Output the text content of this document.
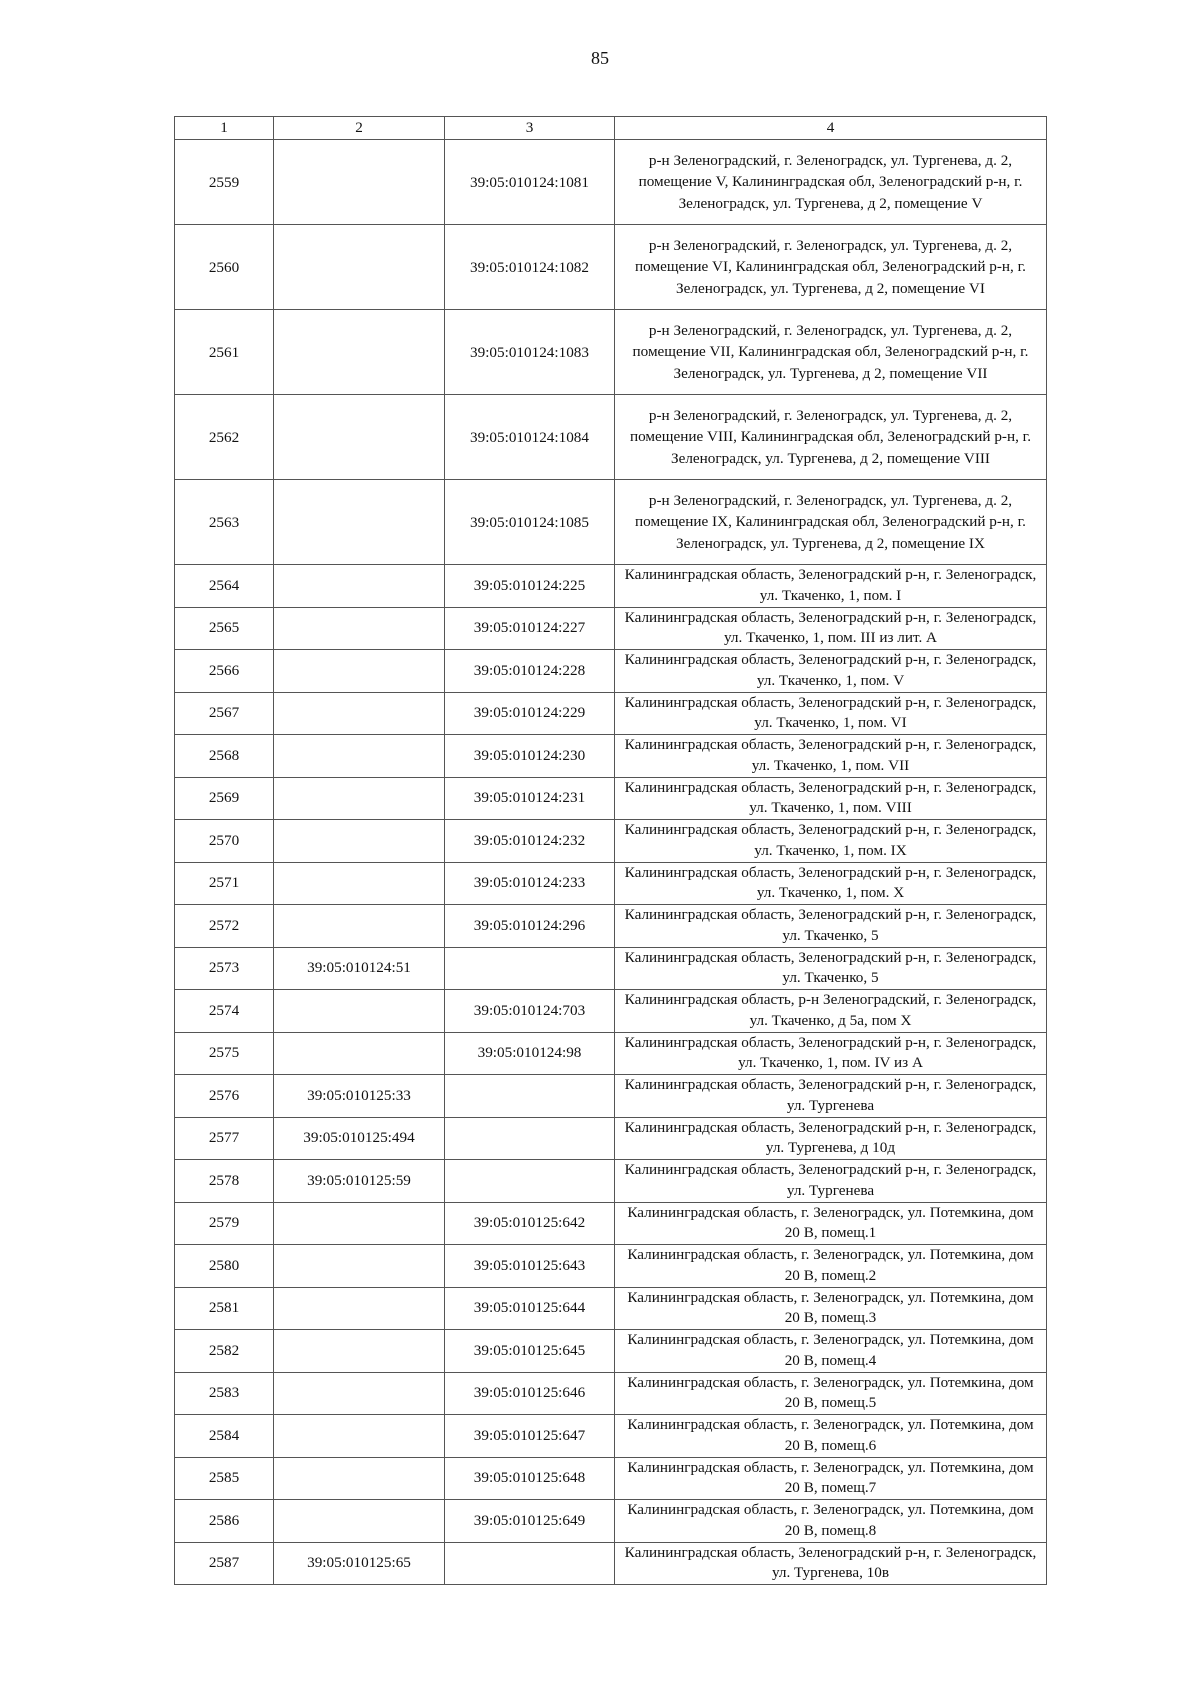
85
1	2	3	4
2559		39:05:010124:1081	р-н Зеленоградский, г. Зеленоградск, ул. Тургенева, д. 2, помещение V, Калининградская обл, Зеленоградский р-н, г. Зеленоградск, ул. Тургенева, д 2, помещение V
2560		39:05:010124:1082	р-н Зеленоградский, г. Зеленоградск, ул. Тургенева, д. 2, помещение VI, Калининградская обл, Зеленоградский р-н, г. Зеленоградск, ул. Тургенева, д 2, помещение VI
2561		39:05:010124:1083	р-н Зеленоградский, г. Зеленоградск, ул. Тургенева, д. 2, помещение VII, Калининградская обл, Зеленоградский р-н, г. Зеленоградск, ул. Тургенева, д 2, помещение VII
2562		39:05:010124:1084	р-н Зеленоградский, г. Зеленоградск, ул. Тургенева, д. 2, помещение VIII, Калининградская обл, Зеленоградский р-н, г. Зеленоградск, ул. Тургенева, д 2, помещение VIII
2563		39:05:010124:1085	р-н Зеленоградский, г. Зеленоградск, ул. Тургенева, д. 2, помещение IX, Калининградская обл, Зеленоградский р-н, г. Зеленоградск, ул. Тургенева, д 2, помещение IX
2564		39:05:010124:225	Калининградская область, Зеленоградский р-н, г. Зеленоградск, ул. Ткаченко, 1, пом. I
2565		39:05:010124:227	Калининградская область, Зеленоградский р-н, г. Зеленоградск, ул. Ткаченко, 1, пом. III из лит. А
2566		39:05:010124:228	Калининградская область, Зеленоградский р-н, г. Зеленоградск, ул. Ткаченко, 1, пом. V
2567		39:05:010124:229	Калининградская область, Зеленоградский р-н, г. Зеленоградск, ул. Ткаченко, 1, пом. VI
2568		39:05:010124:230	Калининградская область, Зеленоградский р-н, г. Зеленоградск, ул. Ткаченко, 1, пом. VII
2569		39:05:010124:231	Калининградская область, Зеленоградский р-н, г. Зеленоградск, ул. Ткаченко, 1, пом. VIII
2570		39:05:010124:232	Калининградская область, Зеленоградский р-н, г. Зеленоградск, ул. Ткаченко, 1, пом. IX
2571		39:05:010124:233	Калининградская область, Зеленоградский р-н, г. Зеленоградск, ул. Ткаченко, 1, пом. X
2572		39:05:010124:296	Калининградская область, Зеленоградский р-н, г. Зеленоградск, ул. Ткаченко, 5
2573	39:05:010124:51		Калининградская область, Зеленоградский р-н, г. Зеленоградск, ул. Ткаченко, 5
2574		39:05:010124:703	Калининградская область, р-н Зеленоградский, г. Зеленоградск, ул. Ткаченко, д 5а, пом X
2575		39:05:010124:98	Калининградская область, Зеленоградский р-н, г. Зеленоградск, ул. Ткаченко, 1, пом. IV из А
2576	39:05:010125:33		Калининградская область, Зеленоградский р-н, г. Зеленоградск, ул. Тургенева
2577	39:05:010125:494		Калининградская область, Зеленоградский р-н, г. Зеленоградск, ул. Тургенева, д 10д
2578	39:05:010125:59		Калининградская область, Зеленоградский р-н, г. Зеленоградск, ул. Тургенева
2579		39:05:010125:642	Калининградская область, г. Зеленоградск, ул. Потемкина, дом 20 В, помещ.1
2580		39:05:010125:643	Калининградская область, г. Зеленоградск, ул. Потемкина, дом 20 В, помещ.2
2581		39:05:010125:644	Калининградская область, г. Зеленоградск, ул. Потемкина, дом 20 В, помещ.3
2582		39:05:010125:645	Калининградская область, г. Зеленоградск, ул. Потемкина, дом 20 В, помещ.4
2583		39:05:010125:646	Калининградская область, г. Зеленоградск, ул. Потемкина, дом 20 В, помещ.5
2584		39:05:010125:647	Калининградская область, г. Зеленоградск, ул. Потемкина, дом 20 В, помещ.6
2585		39:05:010125:648	Калининградская область, г. Зеленоградск, ул. Потемкина, дом 20 В, помещ.7
2586		39:05:010125:649	Калининградская область, г. Зеленоградск, ул. Потемкина, дом 20 В, помещ.8
2587	39:05:010125:65		Калининградская область, Зеленоградский р-н, г. Зеленоградск, ул. Тургенева, 10в
